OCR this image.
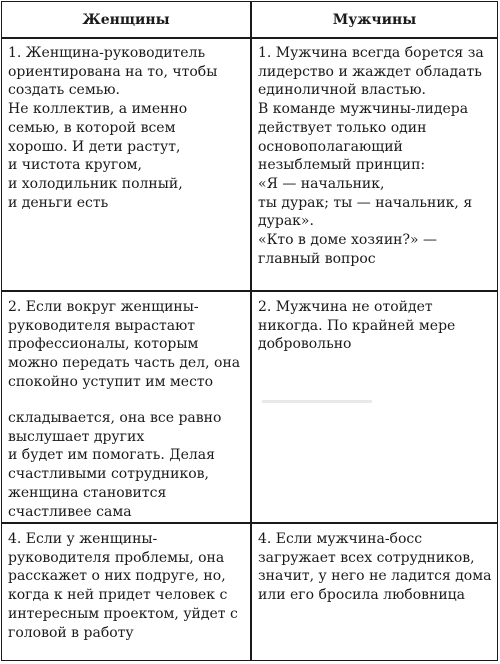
Женщины	Мужчины
1. Женщина-руководитель
ориентирована на то, чтобы
создать семью.
Не коллектив, а именно
семью, в которой всем
хорошо. И дети растут,
и чистота кругом,
и холодильник полный,
и деньги есть
1. Мужчина всегда борется за
лидерство и жаждет обладать
единоличной властью.
В команде мужчины-лидера
действует только один
основополагающий
незыблемый принцип:
«Я — начальник,
ты дурак; ты — начальник, я
дурак».
«Кто в доме хозяин?» —
главный вопрос
2. Если вокруг женщины-
руководителя вырастают
профессионалы, которым
можно передать часть дел, она
спокойно уступит им место
2. Мужчина не отойдет
никогда. По крайней мере
добровольно
складывается, она все равно
выслушает других
и будет им помогать. Делая
счастливыми сотрудников,
женщина становится
счастливее сама
4. Если у женщины-
руководителя проблемы, она
расскажет о них подруге, но,
когда к ней придет человек с
интересным проектом, уйдет с
головой в работу
4. Если мужчина-босс
загружает всех сотрудников,
значит, у него не ладится дома
или его бросила любовница
